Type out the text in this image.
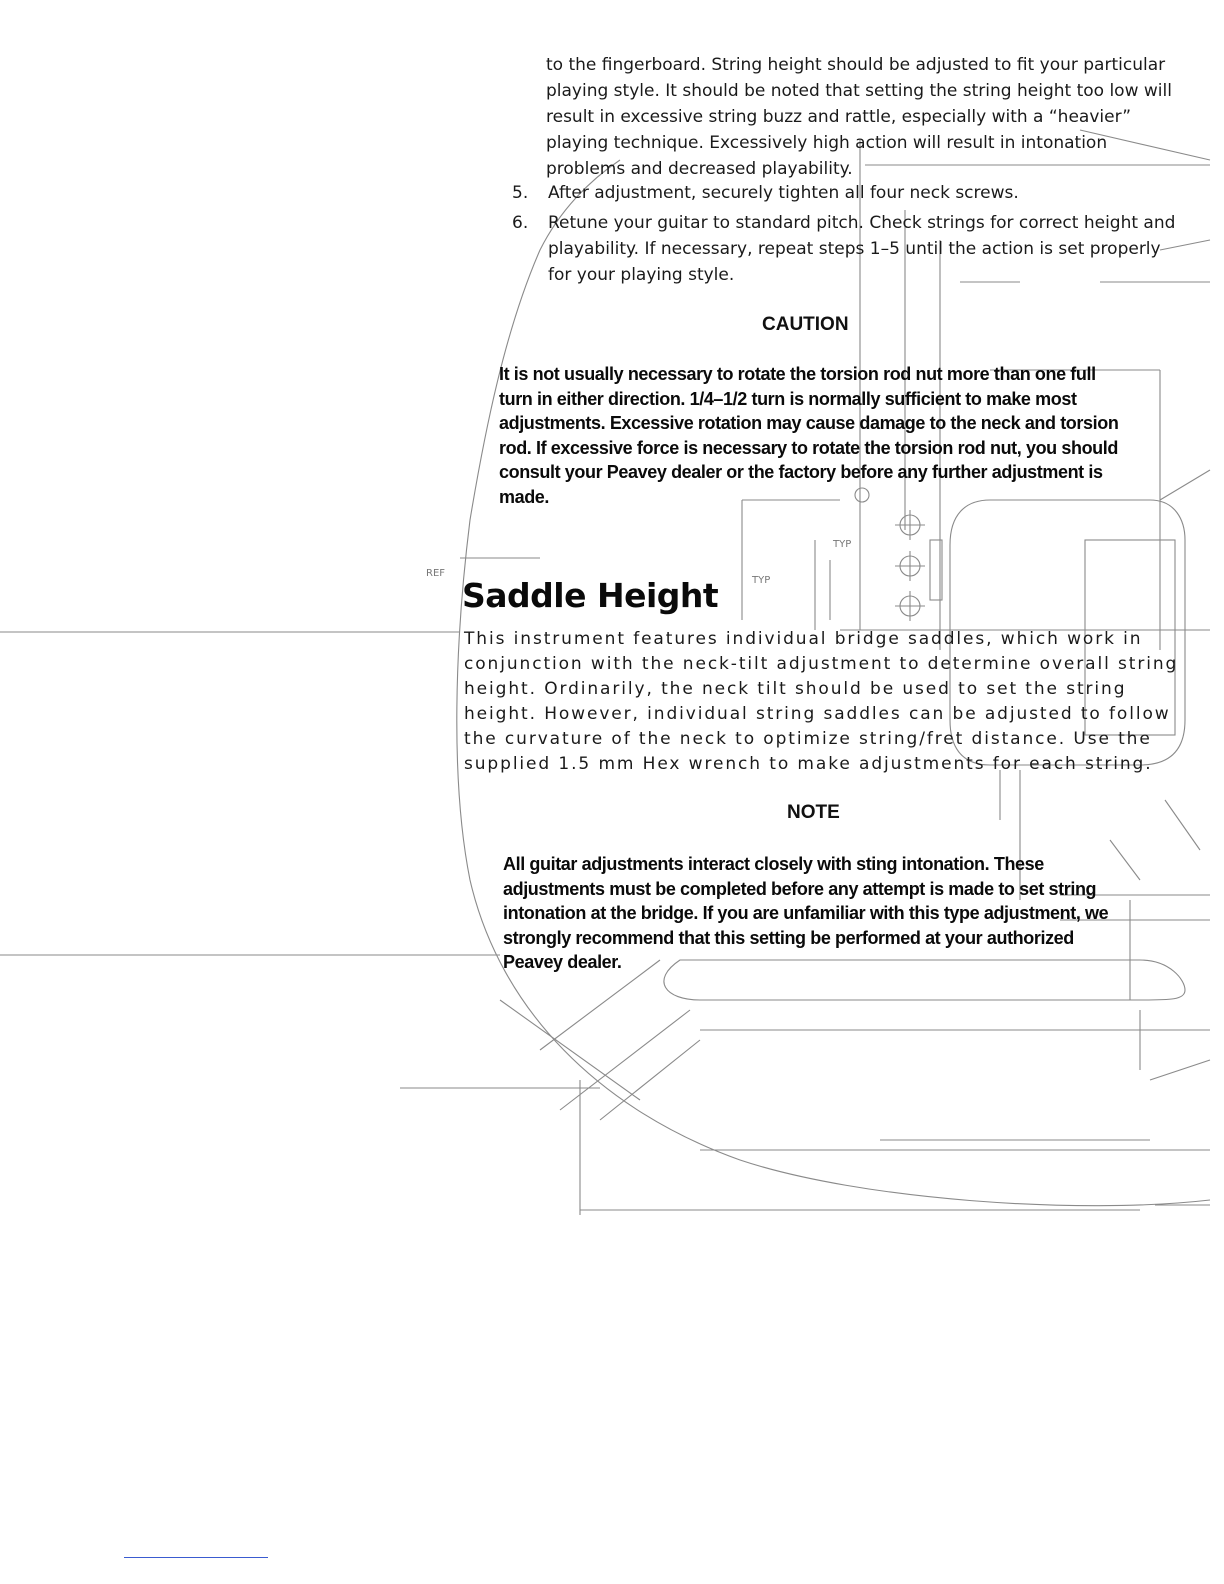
TYP
TYP
REF

to the fingerboard. String height should be adjusted to fit your particular playing style. It should be noted that setting the string height too low will result in excessive string buzz and rattle, especially with a “heavier” playing technique. Excessively high action will result in intonation problems and decreased playability.

5. After adjustment, securely tighten all four neck screws.
6. Retune your guitar to standard pitch. Check strings for correct height and playability. If necessary, repeat steps 1–5 until the action is set properly for your playing style.
CAUTION

It is not usually necessary to rotate the torsion rod nut more than one full turn in either direction. 1/4–1/2 turn is normally sufficient to make most adjustments. Excessive rotation may cause damage to the neck and torsion rod. If excessive force is necessary to rotate the torsion rod nut, you should consult your Peavey dealer or the factory before any further adjustment is made.

Saddle Height

This instrument features individual bridge saddles, which work in conjunction with the neck-tilt adjustment to determine overall string height. Ordinarily, the neck tilt should be used to set the string height. However, individual string saddles can be adjusted to follow the curvature of the neck to optimize string/fret distance. Use the supplied 1.5 mm Hex wrench to make adjustments for each string.

NOTE

All guitar adjustments interact closely with sting intonation. These adjustments must be completed before any attempt is made to set string intonation at the bridge. If you are unfamiliar with this type adjustment, we strongly recommend that this setting be performed at your authorized Peavey dealer.
